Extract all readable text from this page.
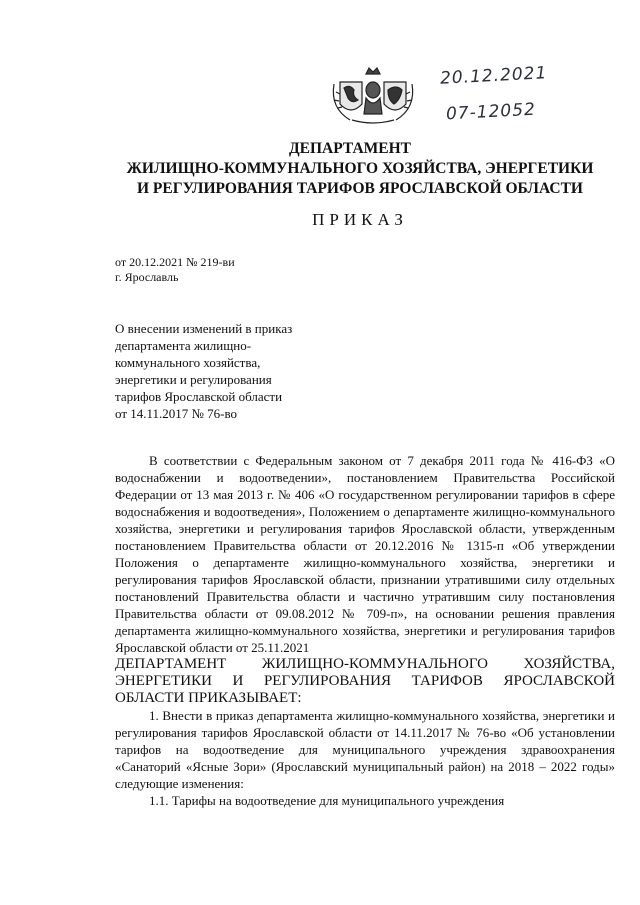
20.12.2021
07-12052
ДЕПАРТАМЕНТ
ЖИЛИЩНО-КОММУНАЛЬНОГО ХОЗЯЙСТВА, ЭНЕРГЕТИКИ
И РЕГУЛИРОВАНИЯ ТАРИФОВ ЯРОСЛАВСКОЙ ОБЛАСТИ
ПРИКАЗ
от 20.12.2021 № 219-ви
г. Ярославль
О внесении изменений в приказ
департамента жилищно-
коммунального хозяйства,
энергетики и регулирования
тарифов Ярославской области
от 14.11.2017 № 76-во

В соответствии с Федеральным законом от 7 декабря 2011 года № 416-ФЗ «О водоснабжении и водоотведении», постановлением Правительства Российской Федерации от 13 мая 2013 г. № 406 «О государственном регулировании тарифов в сфере водоснабжения и водоотведения», Положением о департаменте жилищно-коммунального хозяйства, энергетики и регулирования тарифов Ярославской области, утвержденным постановлением Правительства области от 20.12.2016 № 1315-п «Об утверждении Положения о департаменте жилищно-коммунального хозяйства, энергетики и регулирования тарифов Ярославской области, признании утратившими силу отдельных постановлений Правительства области и частично утратившим силу постановления Правительства области от 09.08.2012 № 709-п», на основании решения правления департамента жилищно-коммунального хозяйства, энергетики и регулирования тарифов Ярославской области от 25.11.2021

ДЕПАРТАМЕНТ ЖИЛИЩНО-КОММУНАЛЬНОГО ХОЗЯЙСТВА,
ЭНЕРГЕТИКИ И РЕГУЛИРОВАНИЯ ТАРИФОВ ЯРОСЛАВСКОЙ
ОБЛАСТИ ПРИКАЗЫВАЕТ:

1. Внести в приказ департамента жилищно-коммунального хозяйства, энергетики и регулирования тарифов Ярославской области от 14.11.2017 № 76-во «Об установлении тарифов на водоотведение для муниципального учреждения здравоохранения «Санаторий «Ясные Зори» (Ярославский муниципальный район) на 2018 – 2022 годы» следующие изменения:

1.1. Тарифы на водоотведение для муниципального учреждения
